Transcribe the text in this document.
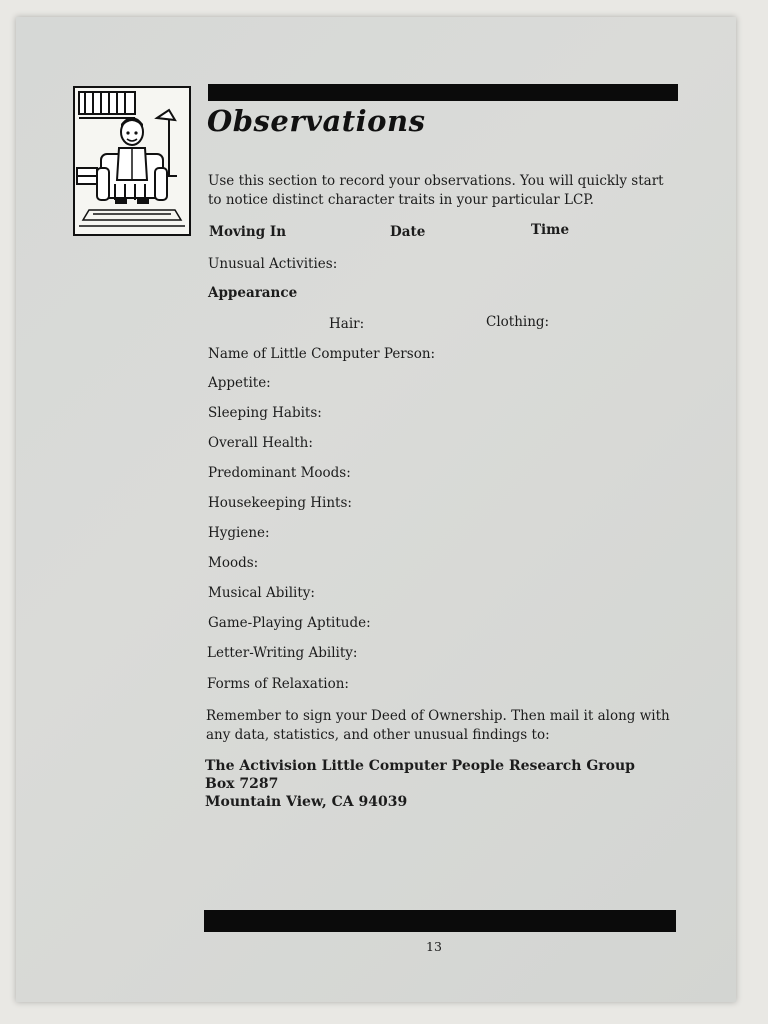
Observations
Use this section to record your observations. You will quickly start to notice distinct character traits in your particular LCP.
Moving In	Date	Time
Unusual Activities:
Appearance
Hair:	Clothing:
Name of Little Computer Person:
Appetite:
Sleeping Habits:
Overall Health:
Predominant Moods:
Housekeeping Hints:
Hygiene:
Moods:
Musical Ability:
Game-Playing Aptitude:
Letter-Writing Ability:
Forms of Relaxation:
Remember to sign your Deed of Ownership. Then mail it along with any data, statistics, and other unusual findings to:
The Activision Little Computer People Research Group
Box 7287
Mountain View, CA 94039
13
